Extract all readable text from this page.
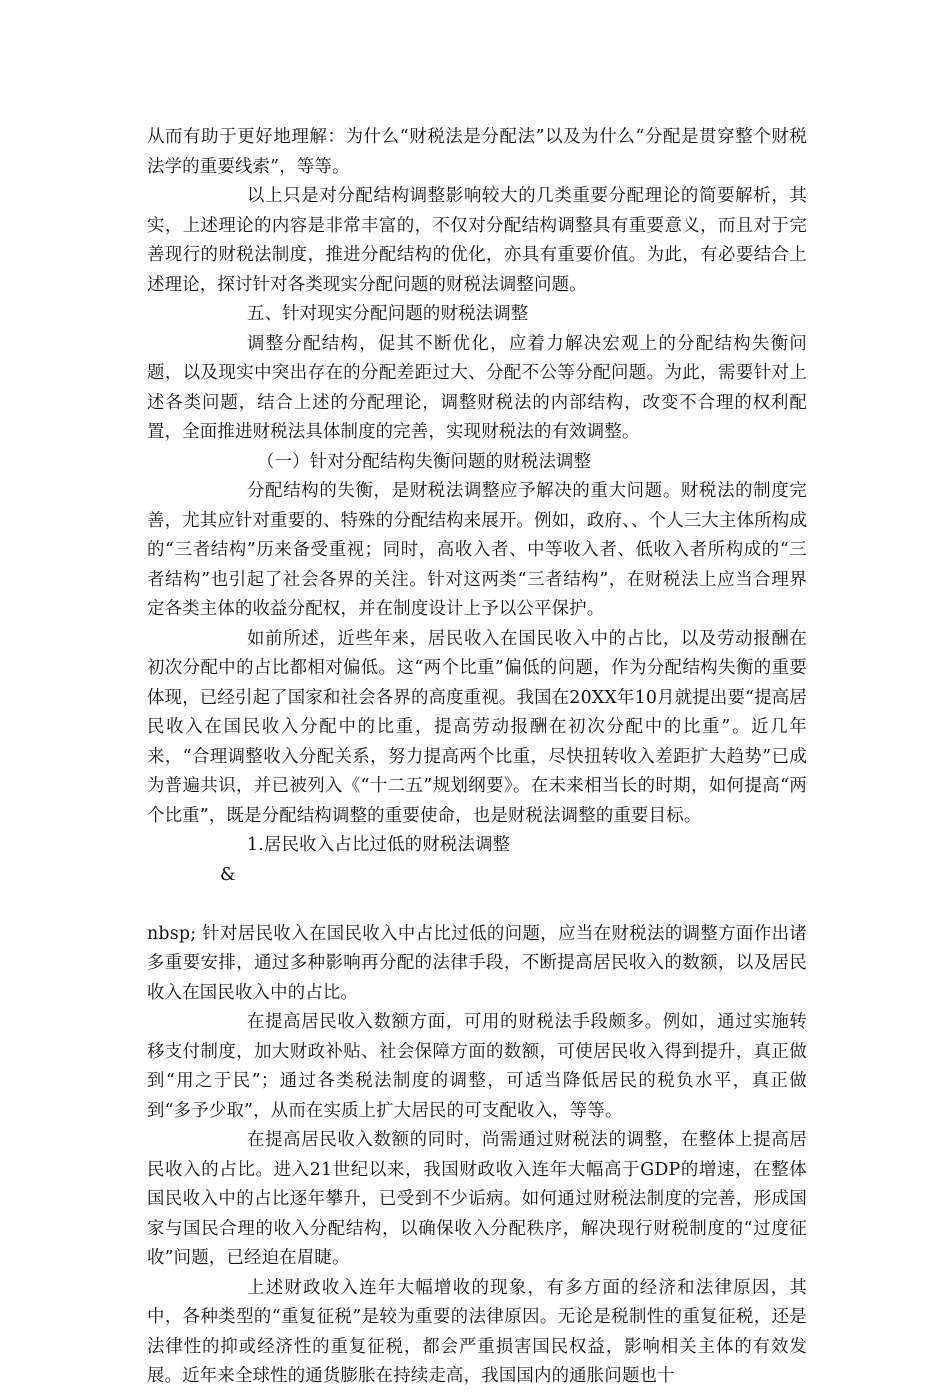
从而有助于更好地理解：为什么“财税法是分配法”以及为什么“分配是贯穿整个财税法学的重要线索”，等等。

以上只是对分配结构调整影响较大的几类重要分配理论的简要解析，其实，上述理论的内容是非常丰富的，不仅对分配结构调整具有重要意义，而且对于完善现行的财税法制度，推进分配结构的优化，亦具有重要价值。为此，有必要结合上述理论，探讨针对各类现实分配问题的财税法调整问题。

五、针对现实分配问题的财税法调整

调整分配结构，促其不断优化，应着力解决宏观上的分配结构失衡问题，以及现实中突出存在的分配差距过大、分配不公等分配问题。为此，需要针对上述各类问题，结合上述的分配理论，调整财税法的内部结构，改变不合理的权利配置，全面推进财税法具体制度的完善，实现财税法的有效调整。

（一）针对分配结构失衡问题的财税法调整

分配结构的失衡，是财税法调整应予解决的重大问题。财税法的制度完善，尤其应针对重要的、特殊的分配结构来展开。例如，政府、、个人三大主体所构成的“三者结构”历来备受重视；同时，高收入者、中等收入者、低收入者所构成的“三者结构”也引起了社会各界的关注。针对这两类“三者结构”，在财税法上应当合理界定各类主体的收益分配权，并在制度设计上予以公平保护。

如前所述，近些年来，居民收入在国民收入中的占比，以及劳动报酬在初次分配中的占比都相对偏低。这“两个比重”偏低的问题，作为分配结构失衡的重要体现，已经引起了国家和社会各界的高度重视。我国在20XX年10月就提出要“提高居民收入在国民收入分配中的比重，提高劳动报酬在初次分配中的比重”。近几年来，“合理调整收入分配关系，努力提高两个比重，尽快扭转收入差距扩大趋势”已成为普遍共识，并已被列入《“十二五”规划纲要》。在未来相当长的时期，如何提高“两个比重”，既是分配结构调整的重要使命，也是财税法调整的重要目标。

1.居民收入占比过低的财税法调整

&

nbsp; 针对居民收入在国民收入中占比过低的问题，应当在财税法的调整方面作出诸多重要安排，通过多种影响再分配的法律手段，不断提高居民收入的数额，以及居民收入在国民收入中的占比。

在提高居民收入数额方面，可用的财税法手段颇多。例如，通过实施转移支付制度，加大财政补贴、社会保障方面的数额，可使居民收入得到提升，真正做到“用之于民”；通过各类税法制度的调整，可适当降低居民的税负水平，真正做到“多予少取”，从而在实质上扩大居民的可支配收入，等等。

在提高居民收入数额的同时，尚需通过财税法的调整，在整体上提高居民收入的占比。进入21世纪以来，我国财政收入连年大幅高于GDP的增速，在整体国民收入中的占比逐年攀升，已受到不少诟病。如何通过财税法制度的完善，形成国家与国民合理的收入分配结构，以确保收入分配秩序，解决现行财税制度的“过度征收”问题，已经迫在眉睫。

上述财政收入连年大幅增收的现象，有多方面的经济和法律原因，其中，各种类型的“重复征税”是较为重要的法律原因。无论是税制性的重复征税，还是法律性的抑或经济性的重复征税，都会严重损害国民权益，影响相关主体的有效发展。近年来全球性的通货膨胀在持续走高，我国国内的通胀问题也十
